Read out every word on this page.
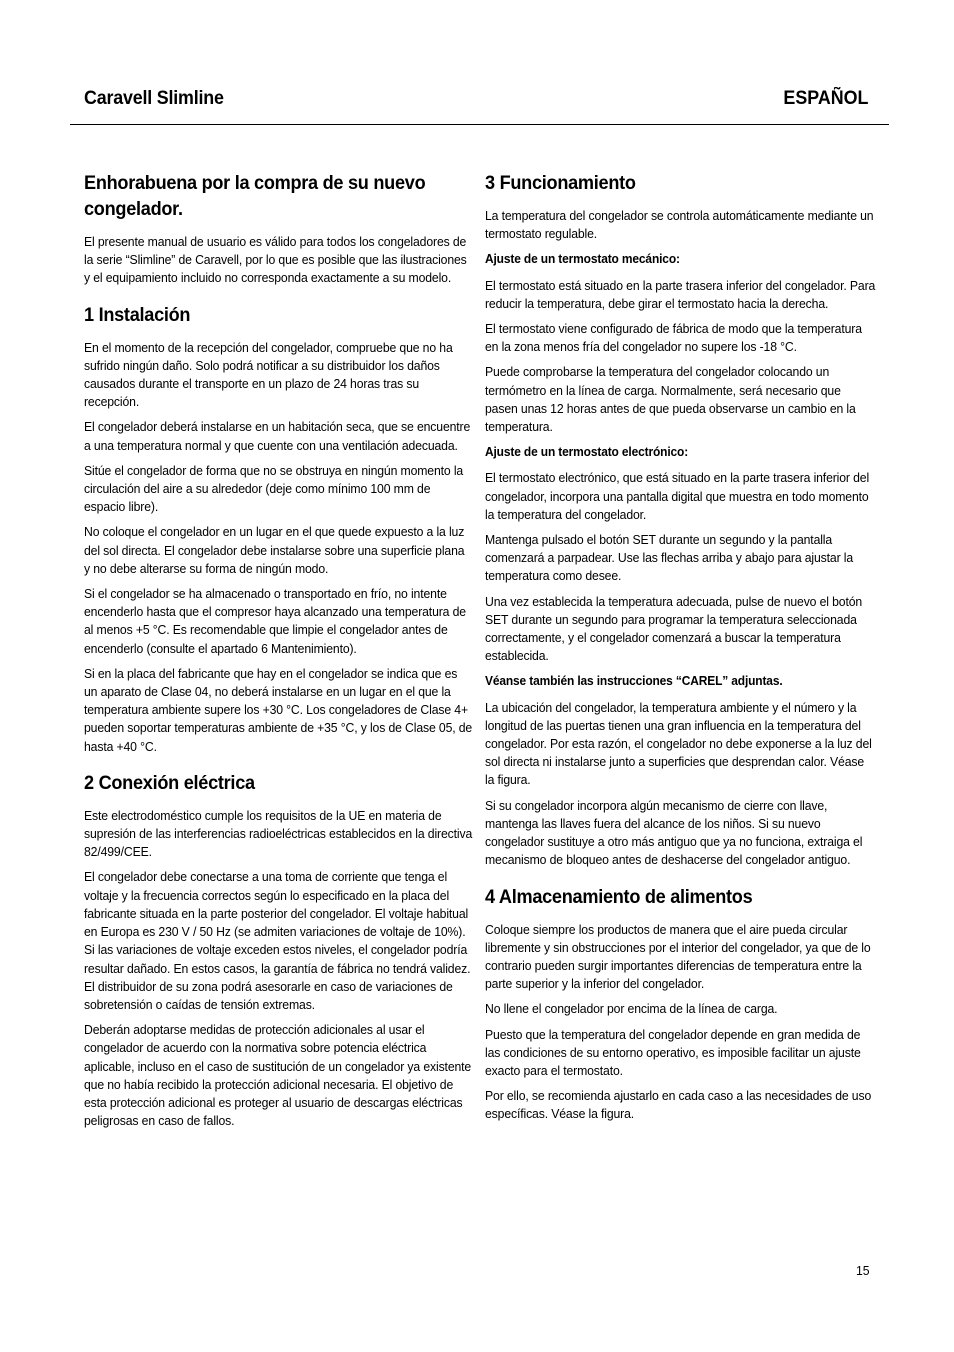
Caravell Slimline	ESPAÑOL
Enhorabuena por la compra de su nuevo congelador.

El presente manual de usuario es válido para todos los congeladores de la serie “Slimline” de Caravell, por lo que es posible que las ilustraciones y el equipamiento incluido no corresponda exactamente a su modelo.

1 Instalación

En el momento de la recepción del congelador, compruebe que no ha sufrido ningún daño. Solo podrá notificar a su distribuidor los daños causados durante el transporte en un plazo de 24 horas tras su recepción.

El congelador deberá instalarse en un habitación seca, que se encuentre a una temperatura normal y que cuente con una ventilación adecuada.

Sitúe el congelador de forma que no se obstruya en ningún momento la circulación del aire a su alrededor (deje como mínimo 100 mm de espacio libre).

No coloque el congelador en un lugar en el que quede expuesto a la luz del sol directa. El congelador debe instalarse sobre una superficie plana y no debe alterarse su forma de ningún modo.

Si el congelador se ha almacenado o transportado en frío, no intente encenderlo hasta que el compresor haya alcanzado una temperatura de al menos +5 °C. Es recomendable que limpie el congelador antes de encenderlo (consulte el apartado 6 Mantenimiento).

Si en la placa del fabricante que hay en el congelador se indica que es un aparato de Clase 04, no deberá instalarse en un lugar en el que la temperatura ambiente supere los +30 °C. Los congeladores de Clase 4+ pueden soportar temperaturas ambiente de +35 °C, y los de Clase 05, de hasta +40 °C.

2 Conexión eléctrica

Este electrodoméstico cumple los requisitos de la UE en materia de supresión de las interferencias radioeléctricas establecidos en la directiva 82/499/CEE.

El congelador debe conectarse a una toma de corriente que tenga el voltaje y la frecuencia correctos según lo especificado en la placa del fabricante situada en la parte posterior del congelador. El voltaje habitual en Europa es 230 V / 50 Hz (se admiten variaciones de voltaje de 10%). Si las variaciones de voltaje exceden estos niveles, el congelador podría resultar dañado. En estos casos, la garantía de fábrica no tendrá validez. El distribuidor de su zona podrá asesorarle en caso de variaciones de sobretensión o caídas de tensión extremas.

Deberán adoptarse medidas de protección adicionales al usar el congelador de acuerdo con la normativa sobre potencia eléctrica aplicable, incluso en el caso de sustitución de un congelador ya existente que no había recibido la protección adicional necesaria. El objetivo de esta protección adicional es proteger al usuario de descargas eléctricas peligrosas en caso de fallos.

3 Funcionamiento

La temperatura del congelador se controla automáticamente mediante un termostato regulable.

Ajuste de un termostato mecánico:

El termostato está situado en la parte trasera inferior del congelador. Para reducir la temperatura, debe girar el termostato hacia la derecha.

El termostato viene configurado de fábrica de modo que la temperatura en la zona menos fría del congelador no supere los -18 °C.

Puede comprobarse la temperatura del congelador colocando un termómetro en la línea de carga. Normalmente, será necesario que pasen unas 12 horas antes de que pueda observarse un cambio en la temperatura.

Ajuste de un termostato electrónico:

El termostato electrónico, que está situado en la parte trasera inferior del congelador, incorpora una pantalla digital que muestra en todo momento la temperatura del congelador.

Mantenga pulsado el botón SET durante un segundo y la pantalla comenzará a parpadear. Use las flechas arriba y abajo para ajustar la temperatura como desee.

Una vez establecida la temperatura adecuada, pulse de nuevo el botón SET durante un segundo para programar la temperatura seleccionada correctamente, y el congelador comenzará a buscar la temperatura establecida.

Véanse también las instrucciones “CAREL” adjuntas.

La ubicación del congelador, la temperatura ambiente y el número y la longitud de las puertas tienen una gran influencia en la temperatura del congelador. Por esta razón, el congelador no debe exponerse a la luz del sol directa ni instalarse junto a superficies que desprendan calor. Véase la figura.

Si su congelador incorpora algún mecanismo de cierre con llave, mantenga las llaves fuera del alcance de los niños. Si su nuevo congelador sustituye a otro más antiguo que ya no funciona, extraiga el mecanismo de bloqueo antes de deshacerse del congelador antiguo.

4 Almacenamiento de alimentos

Coloque siempre los productos de manera que el aire pueda circular libremente y sin obstrucciones por el interior del congelador, ya que de lo contrario pueden surgir importantes diferencias de temperatura entre la parte superior y la inferior del congelador.

No llene el congelador por encima de la línea de carga.

Puesto que la temperatura del congelador depende en gran medida de las condiciones de su entorno operativo, es imposible facilitar un ajuste exacto para el termostato.

Por ello, se recomienda ajustarlo en cada caso a las necesidades de uso específicas. Véase la figura.

15
